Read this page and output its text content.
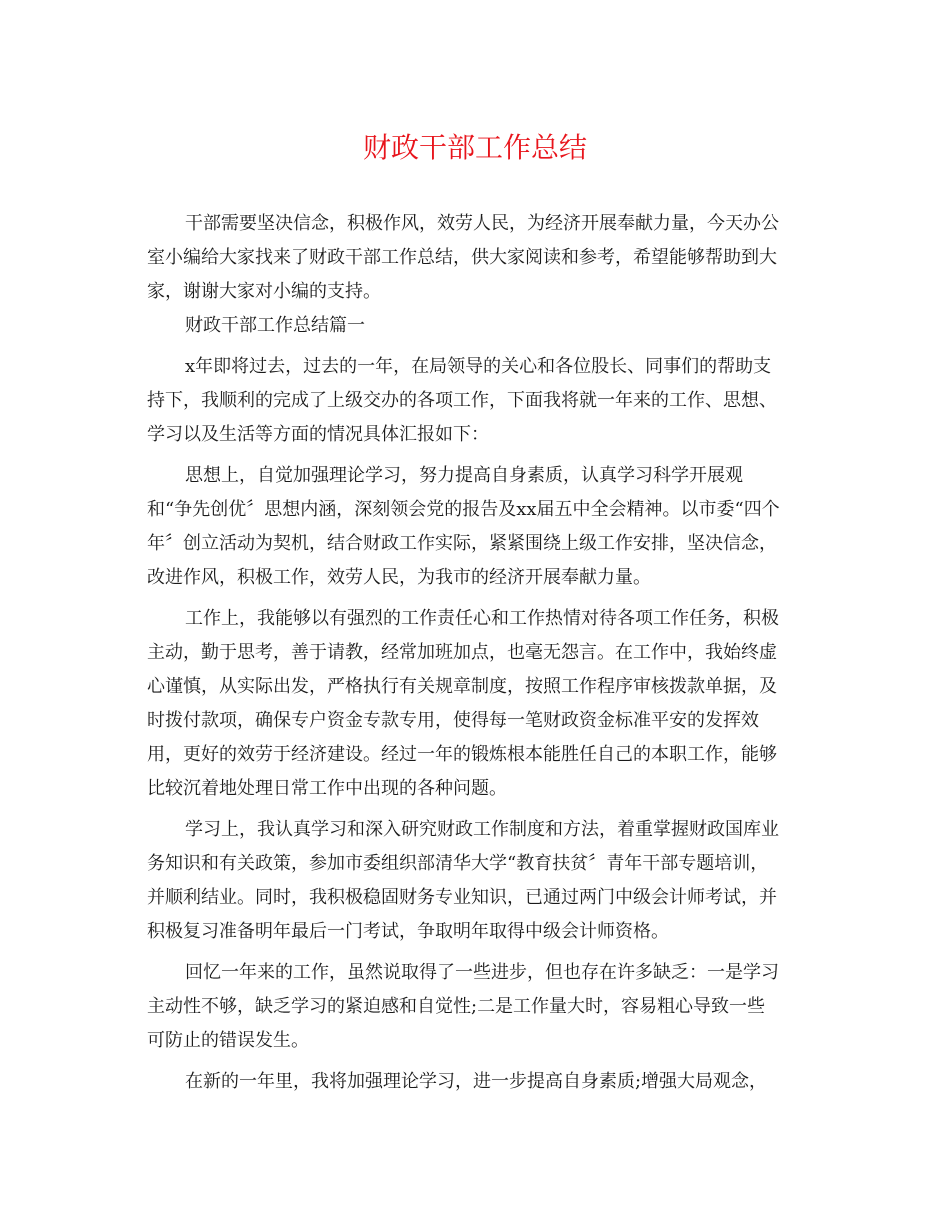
财政干部工作总结

干部需要坚决信念，积极作风，效劳人民，为经济开展奉献力量，今天办公

室小编给大家找来了财政干部工作总结，供大家阅读和参考，希望能够帮助到大

家，谢谢大家对小编的支持。

财政干部工作总结篇一

x年即将过去，过去的一年，在局领导的关心和各位股长、同事们的帮助支

持下，我顺利的完成了上级交办的各项工作，下面我将就一年来的工作、思想、

学习以及生活等方面的情况具体汇报如下：

思想上，自觉加强理论学习，努力提高自身素质，认真学习科学开展观

和“争先创优〞思想内涵，深刻领会党的报告及xx届五中全会精神。以市委“四个

年〞创立活动为契机，结合财政工作实际，紧紧围绕上级工作安排，坚决信念，

改进作风，积极工作，效劳人民，为我市的经济开展奉献力量。

工作上，我能够以有强烈的工作责任心和工作热情对待各项工作任务，积极

主动，勤于思考，善于请教，经常加班加点，也毫无怨言。在工作中，我始终虚

心谨慎，从实际出发，严格执行有关规章制度，按照工作程序审核拨款单据，及

时拨付款项，确保专户资金专款专用，使得每一笔财政资金标准平安的发挥效

用，更好的效劳于经济建设。经过一年的锻炼根本能胜任自己的本职工作，能够

比较沉着地处理日常工作中出现的各种问题。

学习上，我认真学习和深入研究财政工作制度和方法，着重掌握财政国库业

务知识和有关政策，参加市委组织部清华大学“教育扶贫〞青年干部专题培训，

并顺利结业。同时，我积极稳固财务专业知识，已通过两门中级会计师考试，并

积极复习准备明年最后一门考试，争取明年取得中级会计师资格。

回忆一年来的工作，虽然说取得了一些进步，但也存在许多缺乏：一是学习

主动性不够，缺乏学习的紧迫感和自觉性;二是工作量大时，容易粗心导致一些

可防止的错误发生。

在新的一年里，我将加强理论学习，进一步提高自身素质;增强大局观念，
